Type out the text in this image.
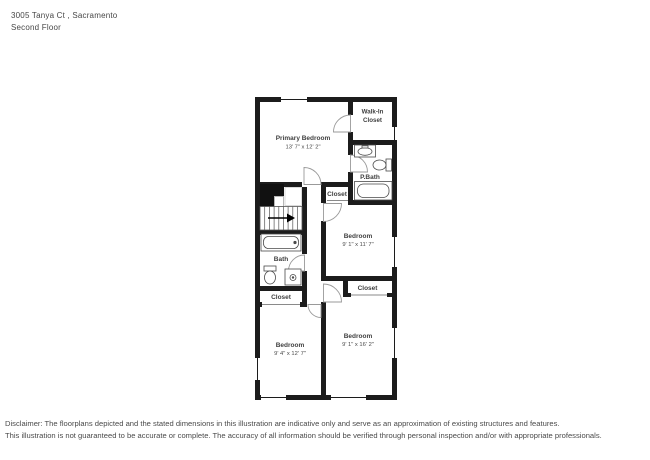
3005 Tanya Ct , Sacramento
Second Floor
Walk-In
Closet
Primary Bedroom
13' 7" x 12' 2"
P.Bath
Closet
Bedroom
9' 1" x 11' 7"
Bath
Closet
Closet
Bedroom
9' 4" x 12' 7"
Bedroom
9' 1" x 16' 2"
Disclaimer: The floorplans depicted and the stated dimensions in this illustration are indicative only and serve as an approximation of existing structures and features.
This illustration is not guaranteed to be accurate or complete. The accuracy of all information should be verified through personal inspection and/or with appropriate professionals.
